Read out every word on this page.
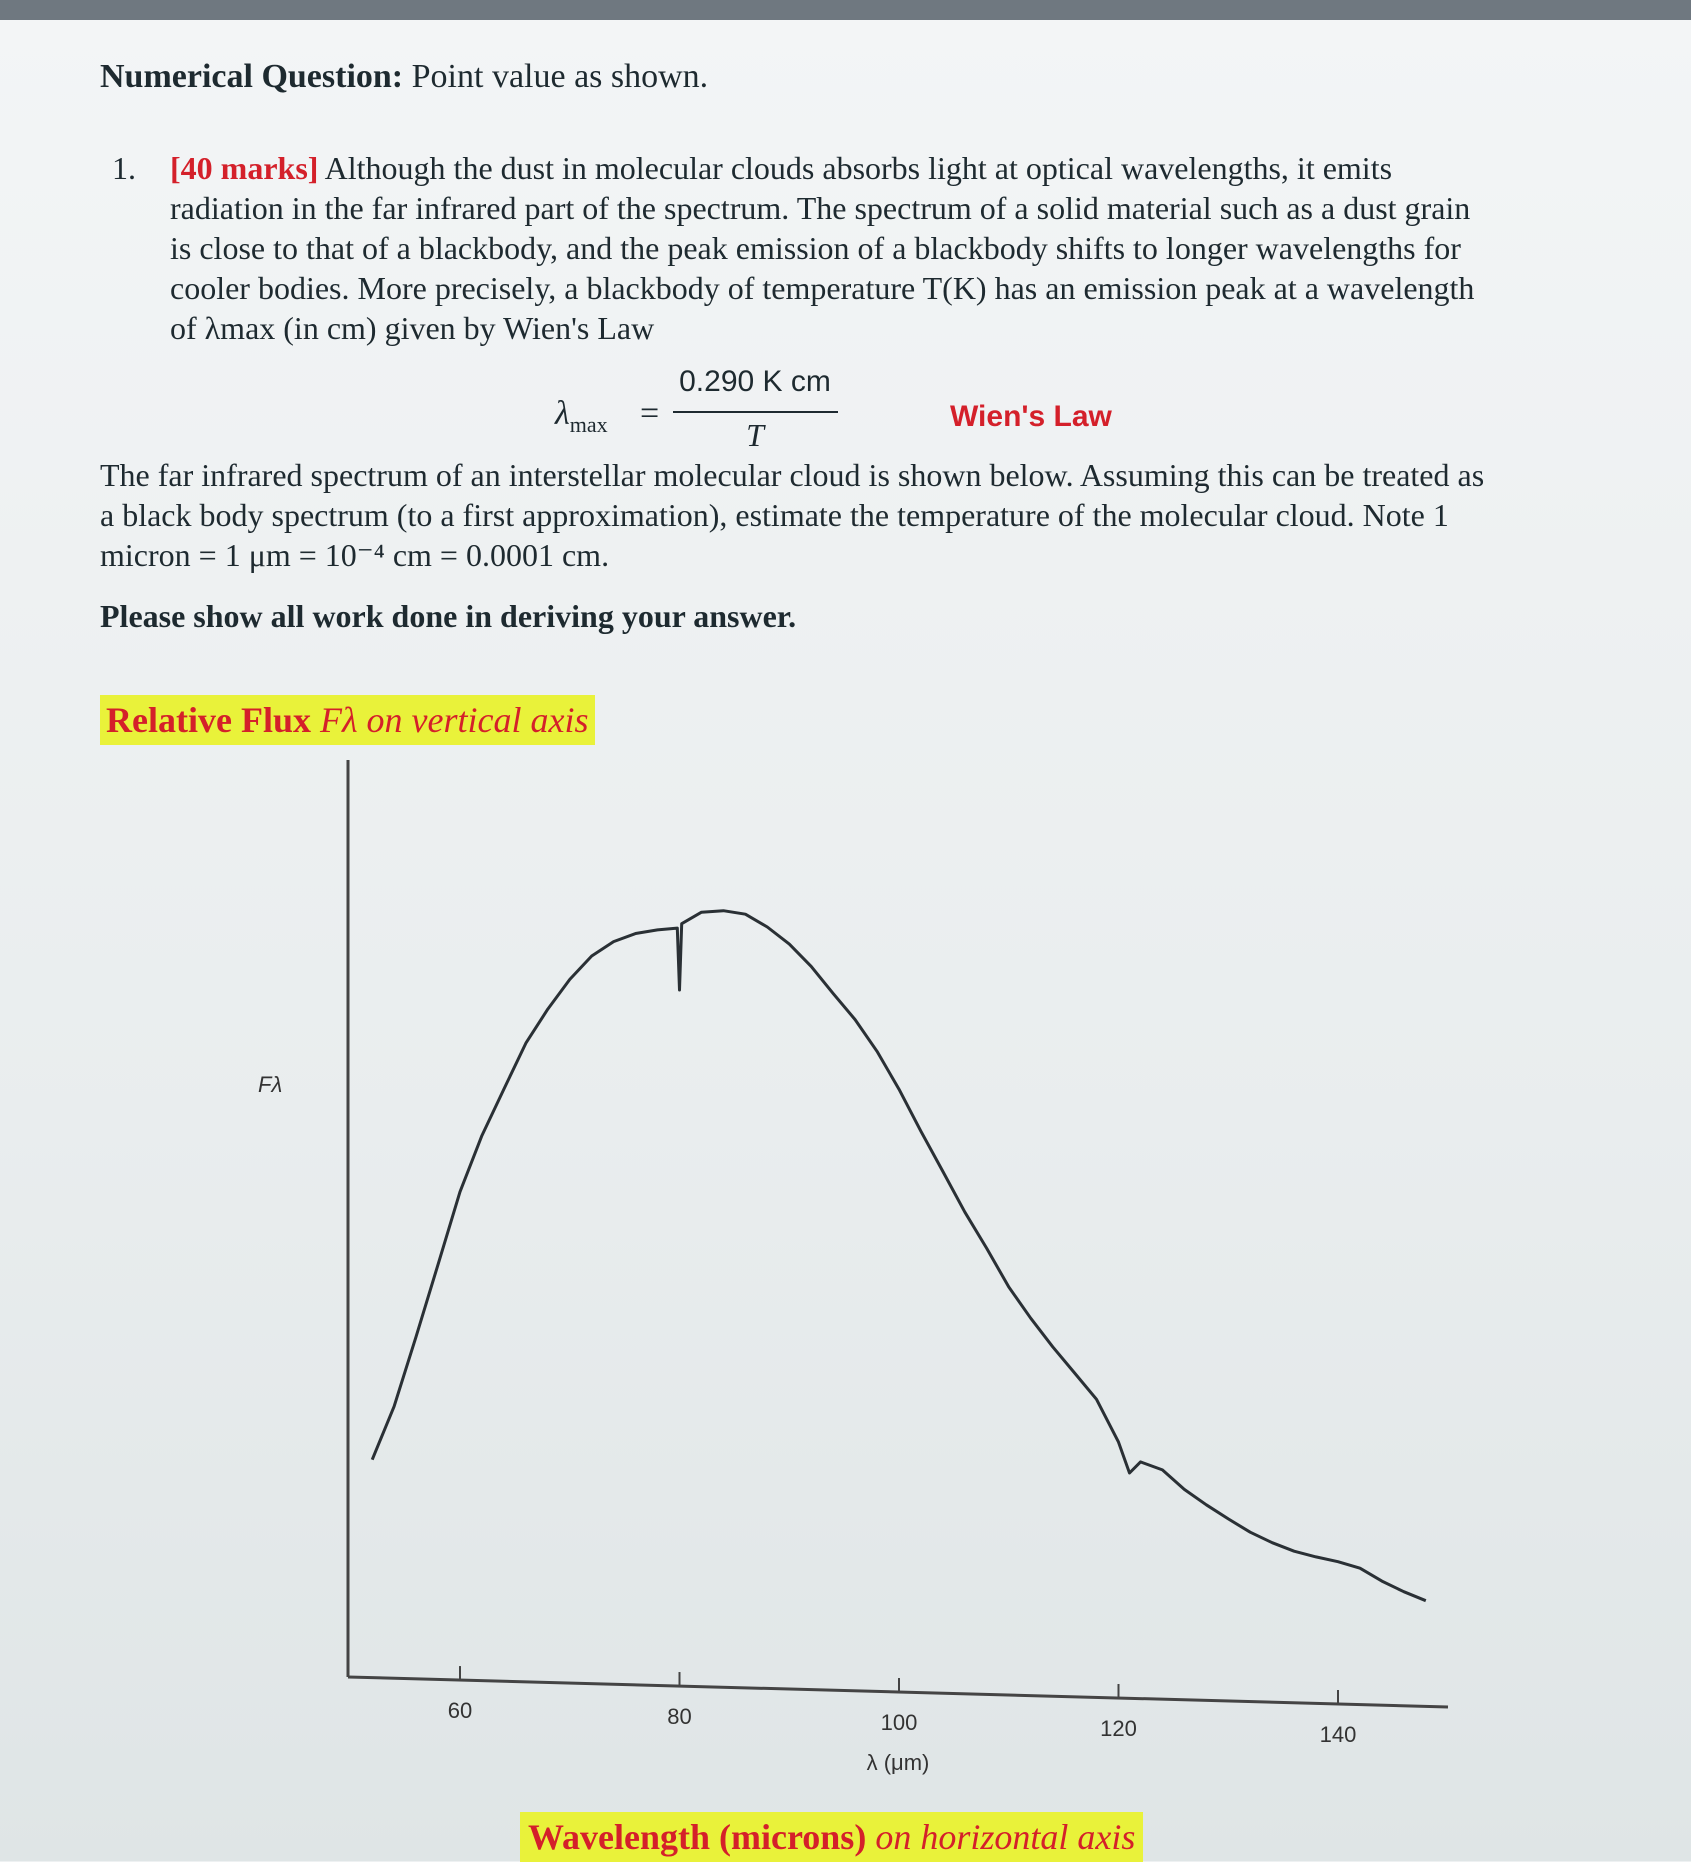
Numerical Question: Point value as shown.
1. [40 marks] Although the dust in molecular clouds absorbs light at optical wavelengths, it emits radiation in the far infrared part of the spectrum. The spectrum of a solid material such as a dust grain is close to that of a blackbody, and the peak emission of a blackbody shifts to longer wavelengths for cooler bodies. More precisely, a blackbody of temperature T(K) has an emission peak at a wavelength of λmax (in cm) given by Wien's Law
$\lambda_{max}$ =
0.290 K cm
T
Wien's Law
The far infrared spectrum of an interstellar molecular cloud is shown below. Assuming this can be treated as a black body spectrum (to a first approximation), estimate the temperature of the molecular cloud. Note 1 micron = 1 μm = 10⁻⁴ cm = 0.0001 cm.
Please show all work done in deriving your answer.
Relative Flux Fλ on vertical axis
60	80	100	120	140
Fλ
λ (μm)
Wavelength (microns) on horizontal axis
